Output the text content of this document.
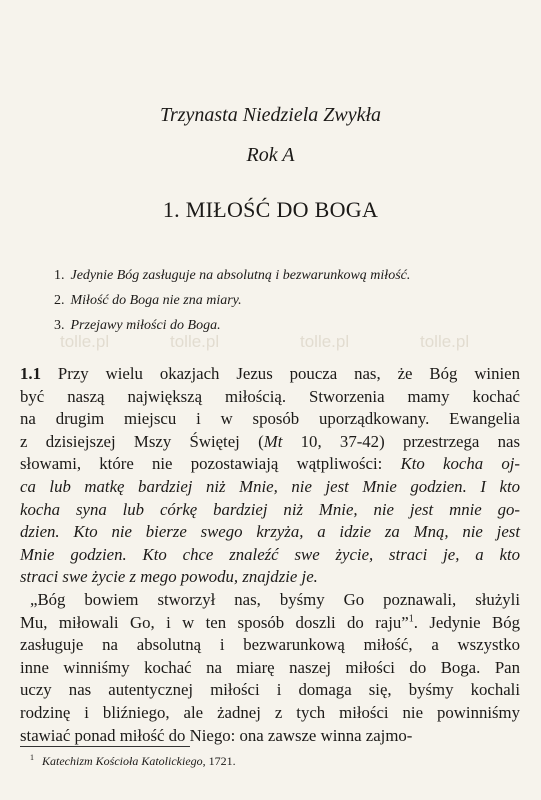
Trzynasta Niedziela Zwykła
Rok A
1. MIŁOŚĆ DO BOGA
1. Jedynie Bóg zasługuje na absolutną i bezwarunkową miłość.
2. Miłość do Boga nie zna miary.
3. Przejawy miłości do Boga.
tolle.pl	tolle.pl	tolle.pl	tolle.pl
1.1 Przy wielu okazjach Jezus poucza nas, że Bóg winien
być naszą największą miłością. Stworzenia mamy kochać
na drugim miejscu i w sposób uporządkowany. Ewangelia
z dzisiejszej Mszy Świętej (Mt 10, 37-42) przestrzega nas
słowami, które nie pozostawiają wątpliwości: Kto kocha oj-
ca lub matkę bardziej niż Mnie, nie jest Mnie godzien. I kto
kocha syna lub córkę bardziej niż Mnie, nie jest mnie go-
dzien. Kto nie bierze swego krzyża, a idzie za Mną, nie jest
Mnie godzien. Kto chce znaleźć swe życie, straci je, a kto
straci swe życie z mego powodu, znajdzie je.
„Bóg bowiem stworzył nas, byśmy Go poznawali, służyli
Mu, miłowali Go, i w ten sposób doszli do raju”$^1$. Jedynie Bóg
zasługuje na absolutną i bezwarunkową miłość, a wszystko
inne winniśmy kochać na miarę naszej miłości do Boga. Pan
uczy nas autentycznej miłości i domaga się, byśmy kochali
rodzinę i bliźniego, ale żadnej z tych miłości nie powinniśmy
stawiać ponad miłość do Niego: ona zawsze winna zajmo-
$^1$ Katechizm Kościoła Katolickiego, 1721.
